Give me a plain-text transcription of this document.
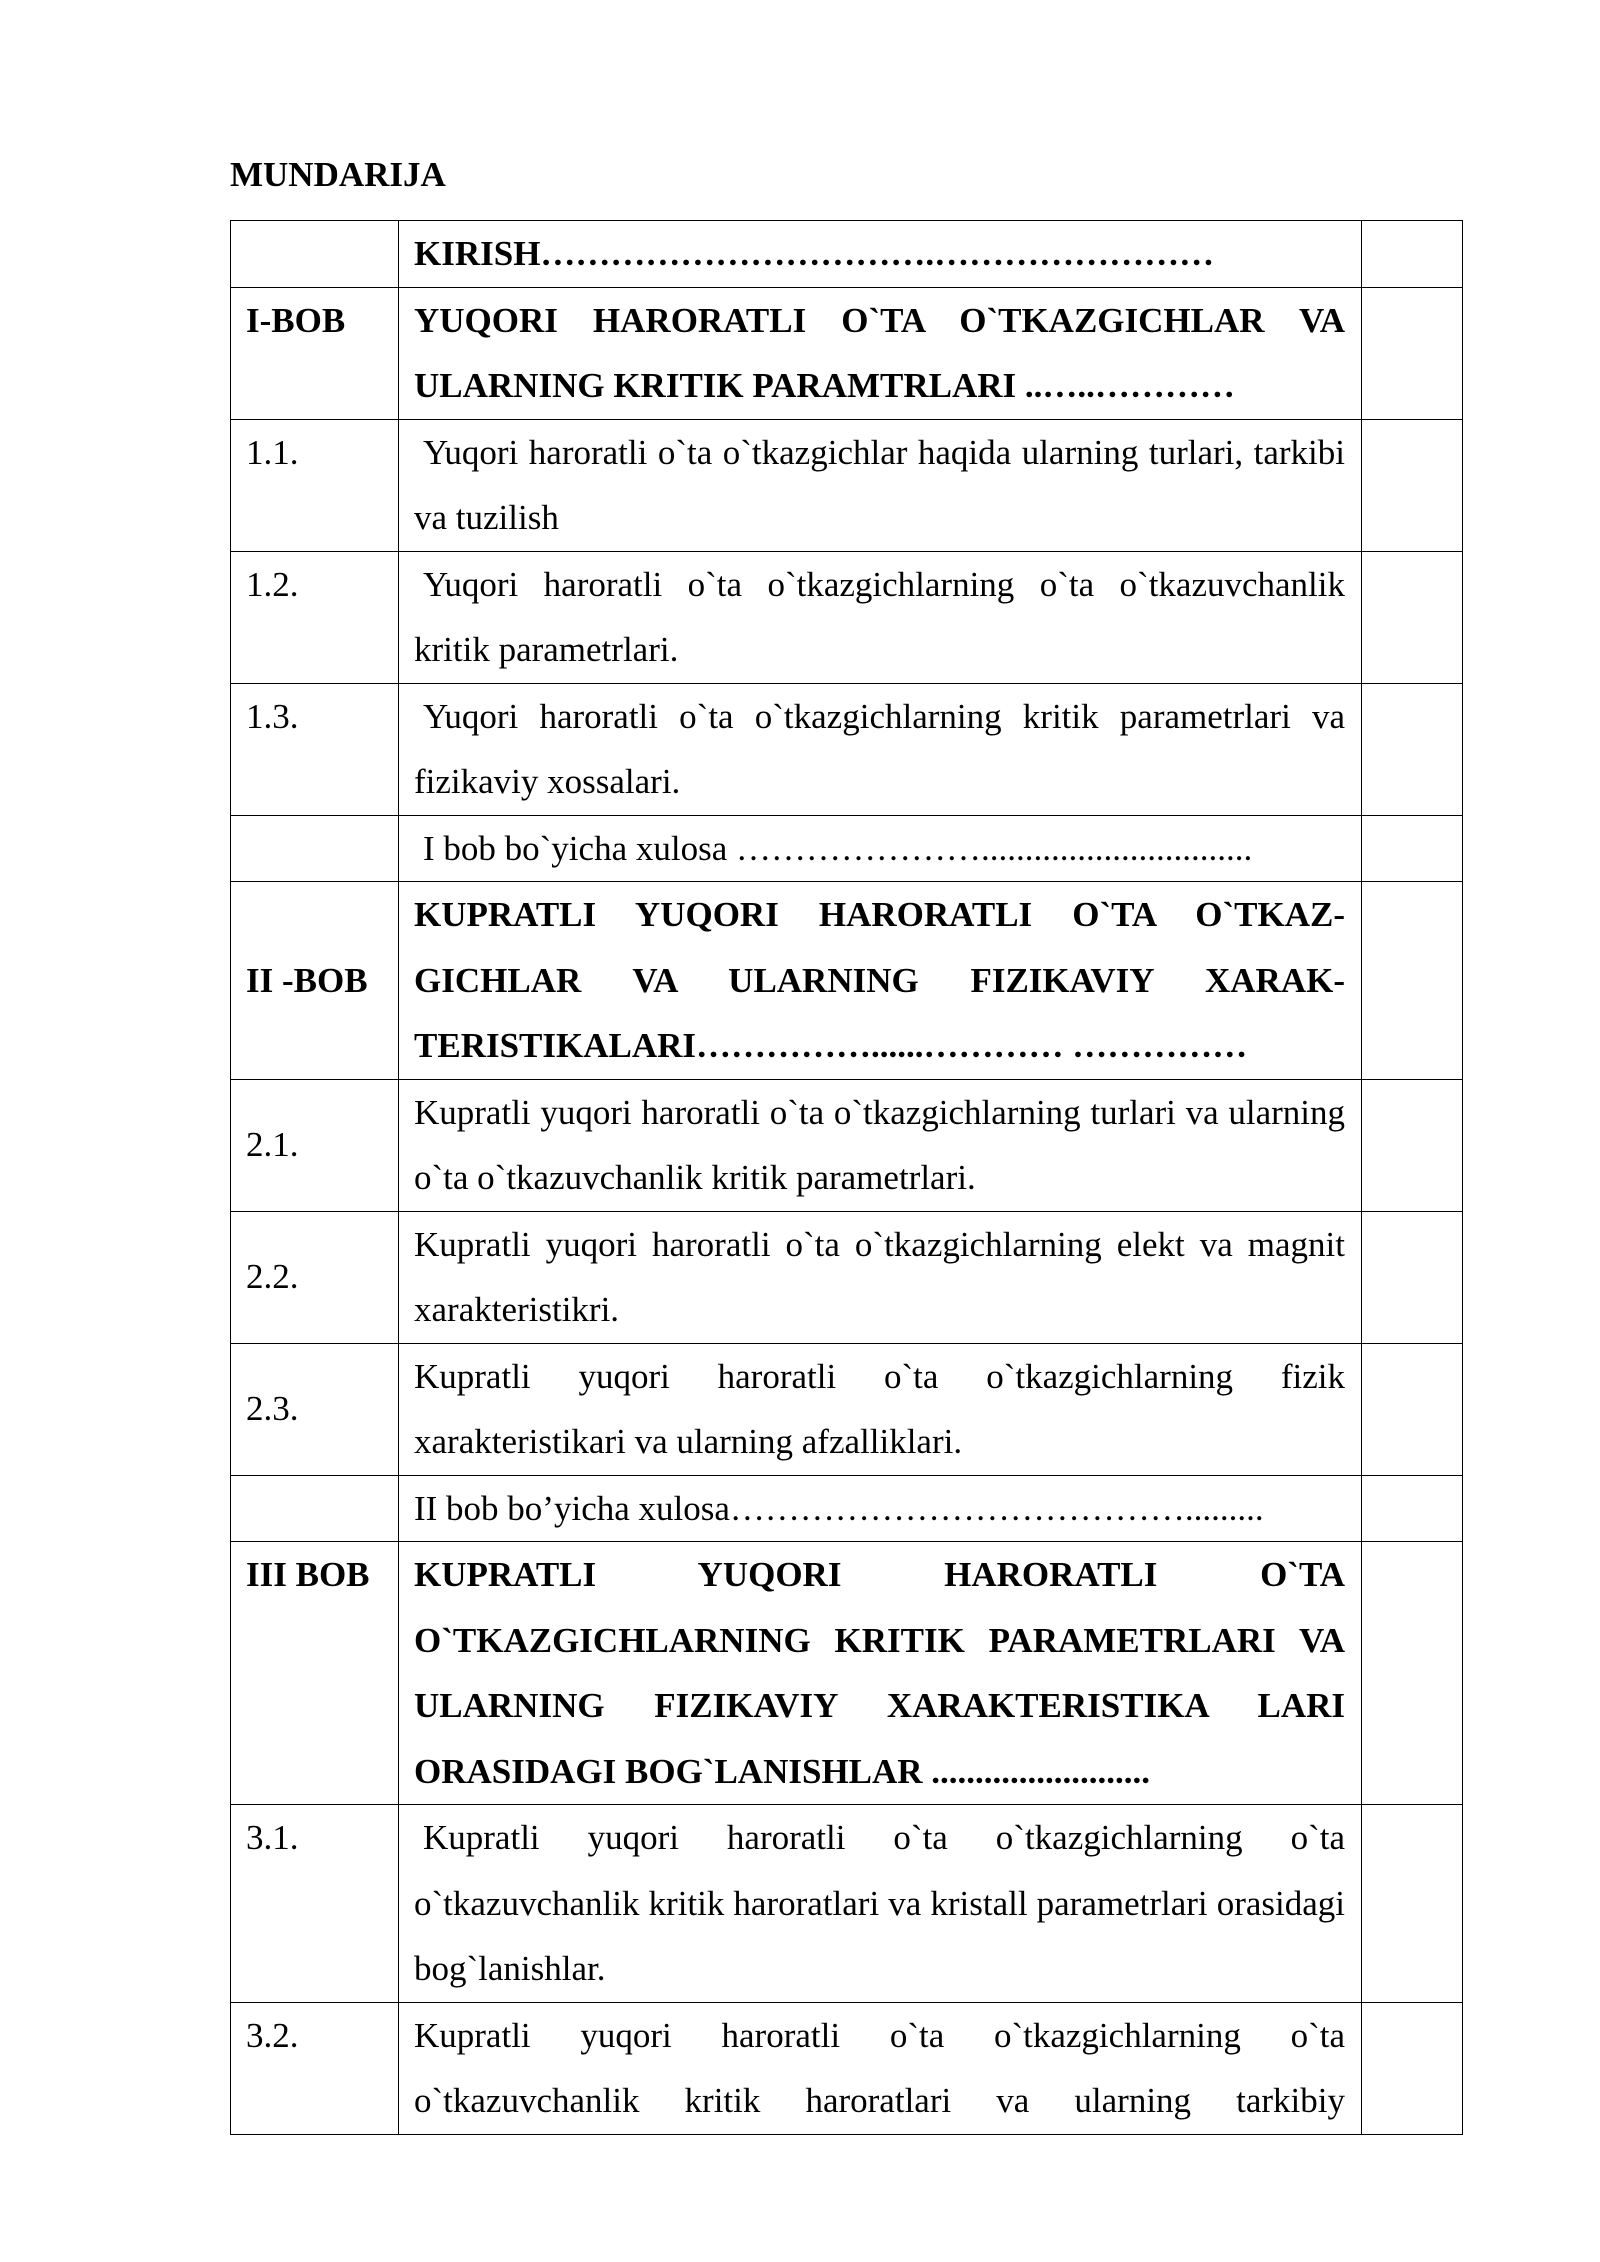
MUNDARIJA
	KIRISH…………………………….……………………	
I-BOB	YUQORI HARORATLI O`TA O`TKAZGICHLAR VA ULARNING KRITIK PARAMTRLARI ..…..…………	
1.1.	Yuqori haroratli o`ta o`tkazgichlar haqida ularning turlari, tarkibi va tuzilish	
1.2.	Yuqori haroratli o`ta o`tkazgichlarning o`ta o`tkazuvchanlik kritik parametrlari.	
1.3.	Yuqori haroratli o`ta o`tkazgichlarning kritik parametrlari va fizikaviy xossalari.	
	I bob bo`yicha xulosa …………………...............................	
II -BOB	KUPRATLI YUQORI HARORATLI O`TA O`TKAZ-GICHLAR VA ULARNING FIZIKAVIY XARAK-TERISTIKALARI……………......………… ……………	
2.1.	Kupratli yuqori haroratli o`ta o`tkazgichlarning turlari va ularning o`ta o`tkazuvchanlik kritik parametrlari.	
2.2.	Kupratli yuqori haroratli o`ta o`tkazgichlarning elekt va magnit xarakteristikri.	
2.3.	Kupratli yuqori haroratli o`ta o`tkazgichlarning fizik xarakteristikari va ularning afzalliklari.	
	II bob bo’yicha xulosa………………………………….........	
III BOB	KUPRATLI YUQORI HARORATLI O`TA O`TKAZGICHLARNING KRITIK PARAMETRLARI VA ULARNING FIZIKAVIY XARAKTERISTIKA LARI ORASIDAGI BOG`LANISHLAR .........................	
3.1.	Kupratli yuqori haroratli o`ta o`tkazgichlarning o`ta o`tkazuvchanlik kritik haroratlari va kristall parametrlari orasidagi bog`lanishlar.	
3.2.	Kupratli yuqori haroratli o`ta o`tkazgichlarning o`ta o`tkazuvchanlik kritik haroratlari va ularning tarkibiy	
